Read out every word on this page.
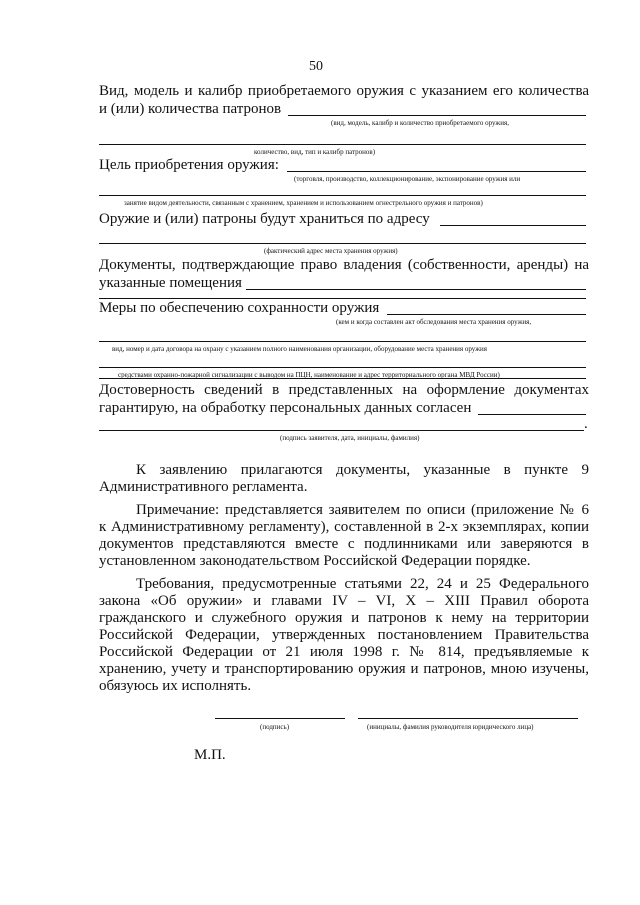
50
Вид, модель и калибр приобретаемого оружия с указанием его количества
и (или) количества патронов
(вид, модель, калибр и количество приобретаемого оружия,
количество, вид, тип и калибр патронов)
Цель приобретения оружия:
(торговля, производство, коллекционирование, экспонирование оружия или
занятие видом деятельности, связанным с хранением, хранением и использованием огнестрельного оружия и патронов)
Оружие и (или) патроны будут храниться по адресу
(фактический адрес места хранения оружия)
Документы, подтверждающие право владения (собственности, аренды) на
указанные помещения
Меры по обеспечению сохранности оружия
(кем и когда составлен акт обследования места хранения оружия,
вид, номер и дата договора на охрану с указанием полного наименования организации, оборудование места хранения оружия
средствами охранно-пожарной сигнализации с выводом на ПЦН, наименование и адрес территориального органа МВД России)
Достоверность сведений в представленных на оформление документах
гарантирую, на обработку персональных данных согласен
.
(подпись заявителя, дата, инициалы, фамилия)
К заявлению прилагаются документы, указанные в пункте 9
Административного регламента.
Примечание: представляется заявителем по описи (приложение № 6
к Административному регламенту), составленной в 2-х экземплярах, копии
документов представляются вместе с подлинниками или заверяются в
установленном законодательством Российской Федерации порядке.
Требования, предусмотренные статьями 22, 24 и 25 Федерального
закона «Об оружии» и главами IV – VI, X – XIII Правил оборота
гражданского и служебного оружия и патронов к нему на территории
Российской Федерации, утвержденных постановлением Правительства
Российской Федерации от 21 июля 1998 г. № 814, предъявляемые к
хранению, учету и транспортированию оружия и патронов, мною изучены,
обязуюсь их исполнять.
(подпись)	(инициалы, фамилия руководителя юридического лица)
М.П.
